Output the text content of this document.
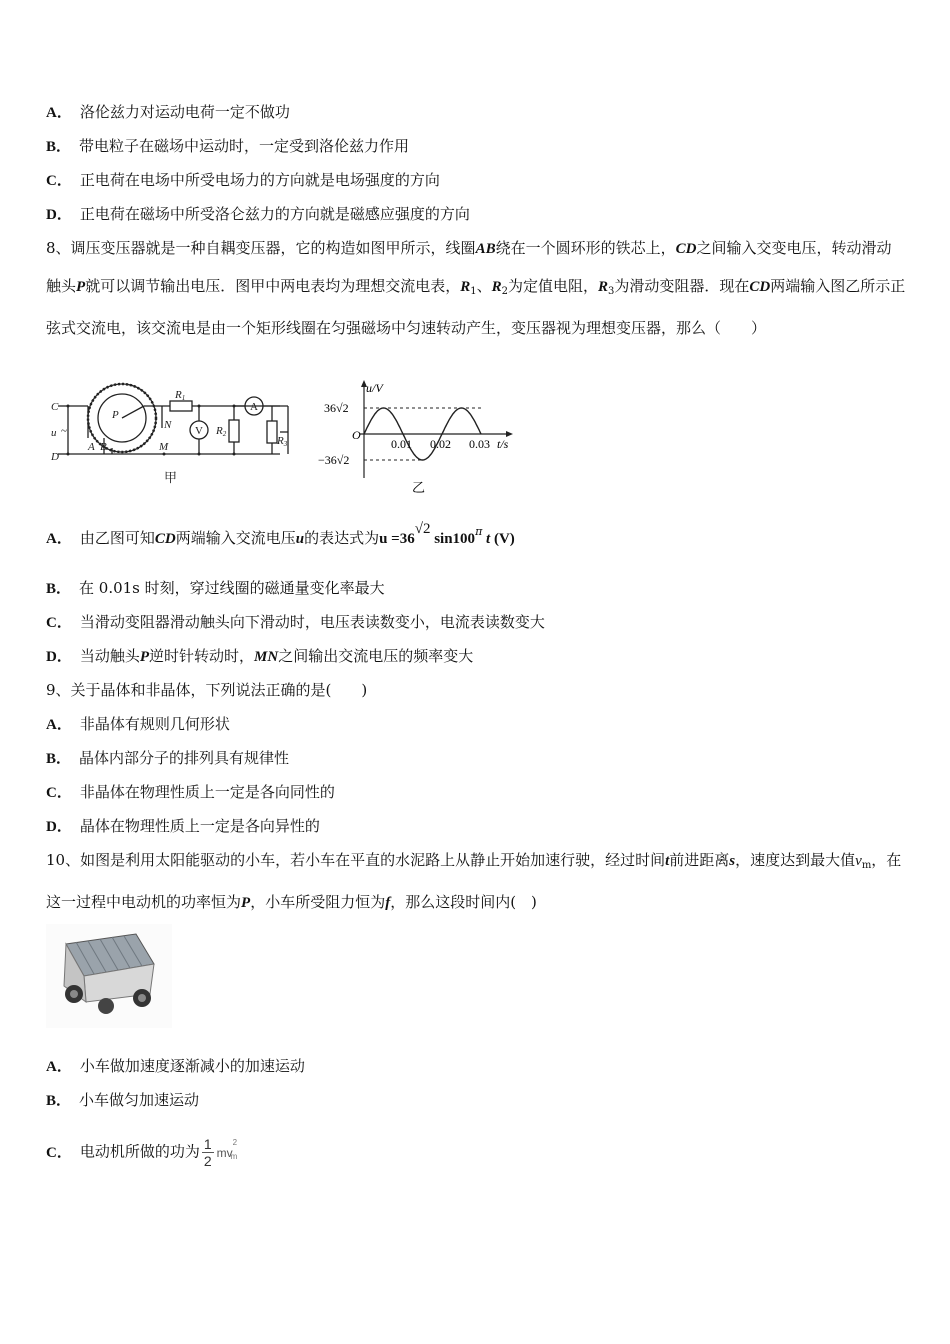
A． 洛伦兹力对运动电荷一定不做功
B． 带电粒子在磁场中运动时，一定受到洛伦兹力作用
C． 正电荷在电场中所受电场力的方向就是电场强度的方向
D． 正电荷在磁场中所受洛仑兹力的方向就是磁感应强度的方向
8、调压变压器就是一种自耦变压器，它的构造如图甲所示，线圈AB绕在一个圆环形的铁芯上，CD之间输入交变电压，转动滑动触头P就可以调节输出电压．图甲中两电表均为理想交流电表，$R_1$、$R_2$为定值电阻，$R_3$为滑动变阻器．现在CD两端输入图乙所示正弦式交流电，该交流电是由一个矩形线圈在匀强磁场中匀速转动产生，变压器视为理想变压器，那么（　　）
C
u ~
D
A B
P
R1
N
M
V R2
A
R3
甲
u/V
36√2
O
−36√2
t/s
0.01 0.02 0.03
乙
A． 由乙图可知CD两端输入交流电压u的表达式为u =36√2 $\sin 100^\pi$ t (V)
B． 在 0.01s 时刻，穿过线圈的磁通量变化率最大
C． 当滑动变阻器滑动触头向下滑动时，电压表读数变小，电流表读数变大
D． 当动触头P逆时针转动时，MN之间输出交流电压的频率变大
9、关于晶体和非晶体，下列说法正确的是(　　)
A． 非晶体有规则几何形状
B． 晶体内部分子的排列具有规律性
C． 非晶体在物理性质上一定是各向同性的
D． 晶体在物理性质上一定是各向异性的
10、如图是利用太阳能驱动的小车，若小车在平直的水泥路上从静止开始加速行驶，经过时间t前进距离s，速度达到最大值$v_m$，在这一过程中电动机的功率恒为P，小车所受阻力恒为f，那么这段时间内(　)
A． 小车做加速度逐渐减小的加速运动
B． 小车做匀加速运动
C． 电动机所做的功为 $\frac{1}{2}$ mv
2
m
